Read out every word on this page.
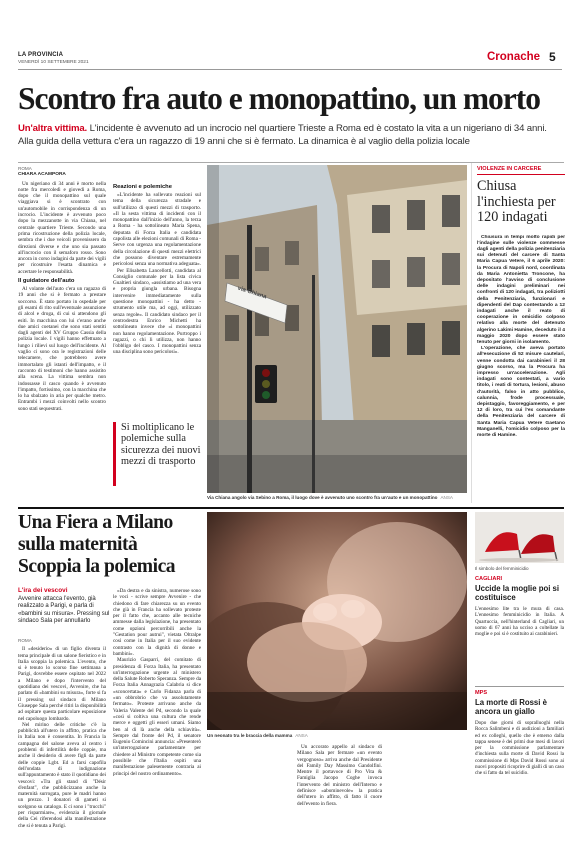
LA PROVINCIA
VENERDÌ 10 SETTEMBRE 2021	Cronache 5
Scontro fra auto e monopattino, un morto
Un'altra vittima. L'incidente è avvenuto ad un incrocio nel quartiere Trieste a Roma ed è costato la vita a un nigeriano di 34 anni. Alla guida della vettura c'era un ragazzo di 19 anni che si è fermato. La dinamica è al vaglio della polizia locale
ROMA
CHIARA ACAMPORA

Un nigeriano di 34 anni è morto nella notte fra mercoledì e giovedì a Roma, dopo che il monopattino sul quale viaggiava si è scontrato con un'automobile in corrispondenza di un incrocio. L'incidente è avvenuto poco dopo la mezzanotte in via Chiana, nel centrale quartiere Trieste. Secondo una prima ricostruzione della polizia locale, sembra che i due veicoli provenissero da direzioni diverse e che uno sia passato all'incrocio con il semaforo rosso. Sono ancora in corso indagini da parte dei vigili per ricostruire l'esatta dinamica e accertare le responsabilità.

Il guidatore dell'auto

Al volante dell'auto c'era un ragazzo di 19 anni che si è fermato a prestare soccorso. È stato portato in ospedale per gli esami di rito sull'eventuale assunzione di alcol e droga, di cui si attendono gli esiti. In macchina con lui c'erano anche due amici coetanei che sono stati sentiti dagli agenti del XV Gruppo Cassia della polizia locale. I vigili hanno effettuato a lungo i rilievi sul luogo dell'incidente. Al vaglio ci sono ora le registrazioni delle telecamere, che potrebbero avere immortalato gli istanti dell'impatto, e il racconto di testimoni che hanno assistito alla scena. La vittima sembra non indossasse il casco quando è avvenuto l'impatto, fortissimo, con la macchina che lo ha sbalzato in aria per qualche metro. Entrambi i mezzi coinvolti nello scontro sono stati sequestrati.

Reazioni e polemiche

«L'incidente ha sollevato reazioni sul tema della sicurezza stradale e sull'utilizzo di questi mezzi di trasporto. «Il la sesta vittima di incidenti con il monopattino dall'inizio dell'anno, la terza a Roma - ha sottolineato Maria Spena, deputata di Forza Italia e candidata capolista alle elezioni comunali di Roma - Serve con urgenza una regolamentazione della circolazione di questi mezzi elettrici che possono diventare estremamente pericolosi senza una normativa adeguata».

Per Elisabetta Lancellotti, candidata al Consiglio comunale per la lista civica Gualtieri sindaco, «assistiamo ad una vera e propria giungla urbana. Bisogna intervenire immediatamente sulla questione monopattini - ha detto - strumento utile ma, ad oggi, utilizzato senza regole». Il candidato sindaco per il centrodestra Enrico Michetti ha sottolineato invece che «i monopattini non hanno regolamentazione. Purtroppo i ragazzi, o chi li utilizza, non hanno l'obbligo del casco. I monopattini senza una disciplina sono pericolosi».

Si moltiplicano le polemiche sulla sicurezza dei nuovi mezzi di trasporto
via Chiana
Via Chiana angolo via Sebino a Roma, il luogo dove è avvenuto uno scontro fra un'auto e un monopattino ANSA
VIOLENZE IN CARCERE
Chiusa l'inchiesta per 120 indagati

Chiusura in tempi molto rapidi per l'indagine sulle violenze commesse dagli agenti della polizia penitenziaria sui detenuti del carcere di Santa Maria Capua Vetere, il 6 aprile 2020: la Procura di Napoli nord, coordinata da Maria Antonietta Troncone, ha depositato l'avviso di conclusione delle indagini preliminari nei confronti di 120 indagati, tra poliziotti della Penitenziaria, funzionari e dipendenti del Dap contestando a 12 indagati anche il reato di cooperazione in omicidio colposo relativo alla morte del detenuto algerino Lakimi Hamine, deceduto il 4 maggio 2020 dopo essere stato tenuto per giorni in isolamento.

L'operazione, che aveva portato all'esecuzione di 52 misure cautelari, venne condotta dai carabinieri il 28 giugno scorso, ma la Procura ha impresso un'accelerazione. Agli indagati sono contestati, a vario titolo, i reati di tortura, lesioni, abuso d'autorità, falso in atto pubblico, calunnia, frode processuale, depistaggio, favoreggiamento, e per 12 di loro, tra cui l'ex comandante della Penitenziaria del carcere di Santa Maria Capua Vetere Gaetano Manganelli, l'omicidio colposo per la morte di Hamine.

Una Fiera a Milano
sulla maternità
Scoppia la polemica
L'ira dei vescovi
Avvenire attacca l'evento, già realizzato a Parigi, e parla di «bambini su misura». Pressing sul sindaco Sala per annullarlo
ROMA

Il «desiderio» di un figlio diventa il tema principale di un salone fieristico e in Italia scoppia la polemica. L'evento, che si è tenuto lo scorso fine settimana a Parigi, dovrebbe essere ospitato nel 2022 a Milano e dopo l'intervento del quotidiano dei vescovi, Avvenire, che ha parlato di «bambini su misura», forte si fa il pressing sul sindaco di Milano Giuseppe Sala perché ritiri la disponibilità ad ospitare questa particolare esposizione nel capoluogo lombardo.

Nel mirino delle critiche c'è la pubblicità all'utero in affitto, pratica che in Italia non è consentita. In Francia la campagna del salone aveva al centro i problemi di infertilità delle coppie, ma anche il desiderio di avere figli da parte delle coppie Lgbt. Ed a farsi capofila dell'ondata di indignazione sull'appuntamento è stato il quotidiano dei vescovi: «Tra gli stand di "Désir d'enfant", che pubblicizzano anche la maternità surrogata, pure le madri hanno un prezzo. I donatori di gameti si scelgono su catalogo. E ci sono i "trucchi" per risparmiare», evidenzia il giornale della Cei riferendosi alla manifestazione che si è tenuta a Parigi.

«Da destra e da sinistra, numerose sono le voci - scrive sempre Avvenire - che chiedono di fare chiarezza su un evento che già in Francia ha sollevato proteste per il fatto che, accanto alle tecniche ammesse dalla legislazione, ha presentato come opzioni percorribili anche la "Gestation pour autrui", vietata Oltralpe così come in Italia per il suo evidente contrasto con la dignità di donne e bambini».

Maurizio Gasparri, del comitato di presidenza di Forza Italia, ha presentato un'interrogazione urgente al ministero della Salute Roberto Speranza. Sempre da Forza Italia Annagrazia Calabria si dice «sconcertata» e Carlo Fidanza parla di «un obbrobrio che va assolutamente fermato». Proteste arrivano anche da Valeria Valente del Pd, secondo la quale «così si coltiva una cultura che rende merce e oggetti gli esseri umani. Siamo ben al di là anche della schiavitù». Sempre dal fronte del Pd, il senatore Eugenio Comincini annuncia: «Presenterò un'interrogazione parlamentare per chiedere al Ministro competente come sia possibile che l'Italia ospiti una manifestazione palesemente contraria ai principi del nostro ordinamento».

Un neonato tra le braccia della mamma ANSA

Un accorato appello al sindaco di Milano Sala per fermare «un evento vergognoso» arriva anche dal Presidente del Family Day Massimo Gandolfini. Mentre il portavoce di Pro Vita & Famiglia Jacopo Coghe invoca l'intervento del ministro dell'Interno e definisce «abominevole» la pratica dell'utero in affitto, di fatto il cuore dell'evento in fiera.

Il simbolo del femminicidio
CAGLIARI
Uccide la moglie poi si costituisce
L'ennesimo lite tra le mura di casa. L'ennesimo femminicidio in Italia. A Quartuccia, nell'hinterland di Cagliari, un uomo di 67 anni ha ucciso a coltellate la moglie e poi si è costituito ai carabinieri.
MPS
La morte di Rossi è ancora un giallo
Dopo due giorni di sopralluoghi nella Rocca Salimbeni e di audizioni a familiari ed ex colleghi, quello che è emerso dalla tappa senese è dei primi due mesi di lavori per la commissione parlamentare d'inchiesta sulla morte di David Rossi la commissione di Mps David Rossi sono ai nuovi propositi ricoprire di gialli di un caso che si fatto da tel suicidio.
